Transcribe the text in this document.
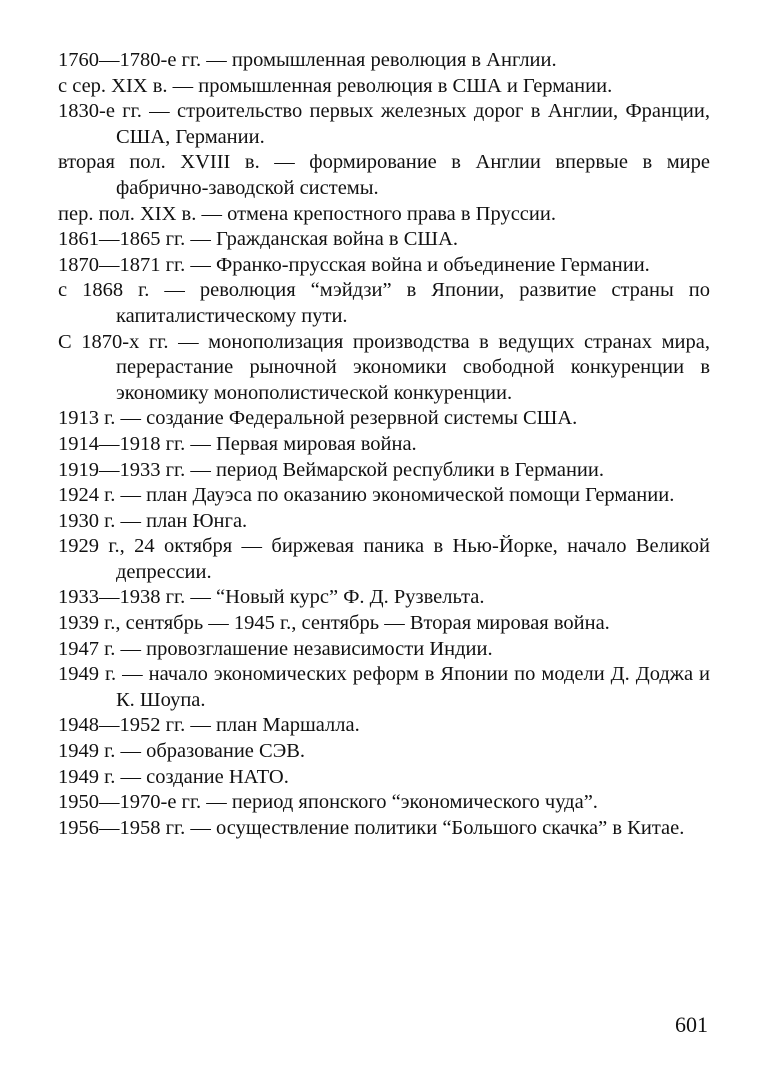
1760—1780-е гг. — промышленная революция в Англии.

с сер. XIX в. — промышленная революция в США и Германии.

1830-е гг. — строительство первых железных дорог в Англии, Франции, США, Германии.

вторая пол. XVIII в. — формирование в Англии впервые в мире фабрично-заводской системы.

пер. пол. XIX в. — отмена крепостного права в Пруссии.

1861—1865 гг. — Гражданская война в США.

1870—1871 гг. — Франко-прусская война и объединение Германии.

с 1868 г. — революция “мэйдзи” в Японии, развитие страны по капиталистическому пути.

С 1870-х гг. — монополизация производства в ведущих странах мира, перерастание рыночной экономики свободной конкуренции в экономику монополистической конкуренции.

1913 г. — создание Федеральной резервной системы США.

1914—1918 гг. — Первая мировая война.

1919—1933 гг. — период Веймарской республики в Германии.

1924 г. — план Дауэса по оказанию экономической помощи Германии.

1930 г. — план Юнга.

1929 г., 24 октября — биржевая паника в Нью-Йорке, начало Великой депрессии.

1933—1938 гг. — “Новый курс” Ф. Д. Рузвельта.

1939 г., сентябрь — 1945 г., сентябрь — Вторая мировая война.

1947 г. — провозглашение независимости Индии.

1949 г. — начало экономических реформ в Японии по модели Д. Доджа и К. Шоупа.

1948—1952 гг. — план Маршалла.

1949 г. — образование СЭВ.

1949 г. — создание НАТО.

1950—1970-е гг. — период японского “экономического чуда”.

1956—1958 гг. — осуществление политики “Большого скачка” в Китае.

601
